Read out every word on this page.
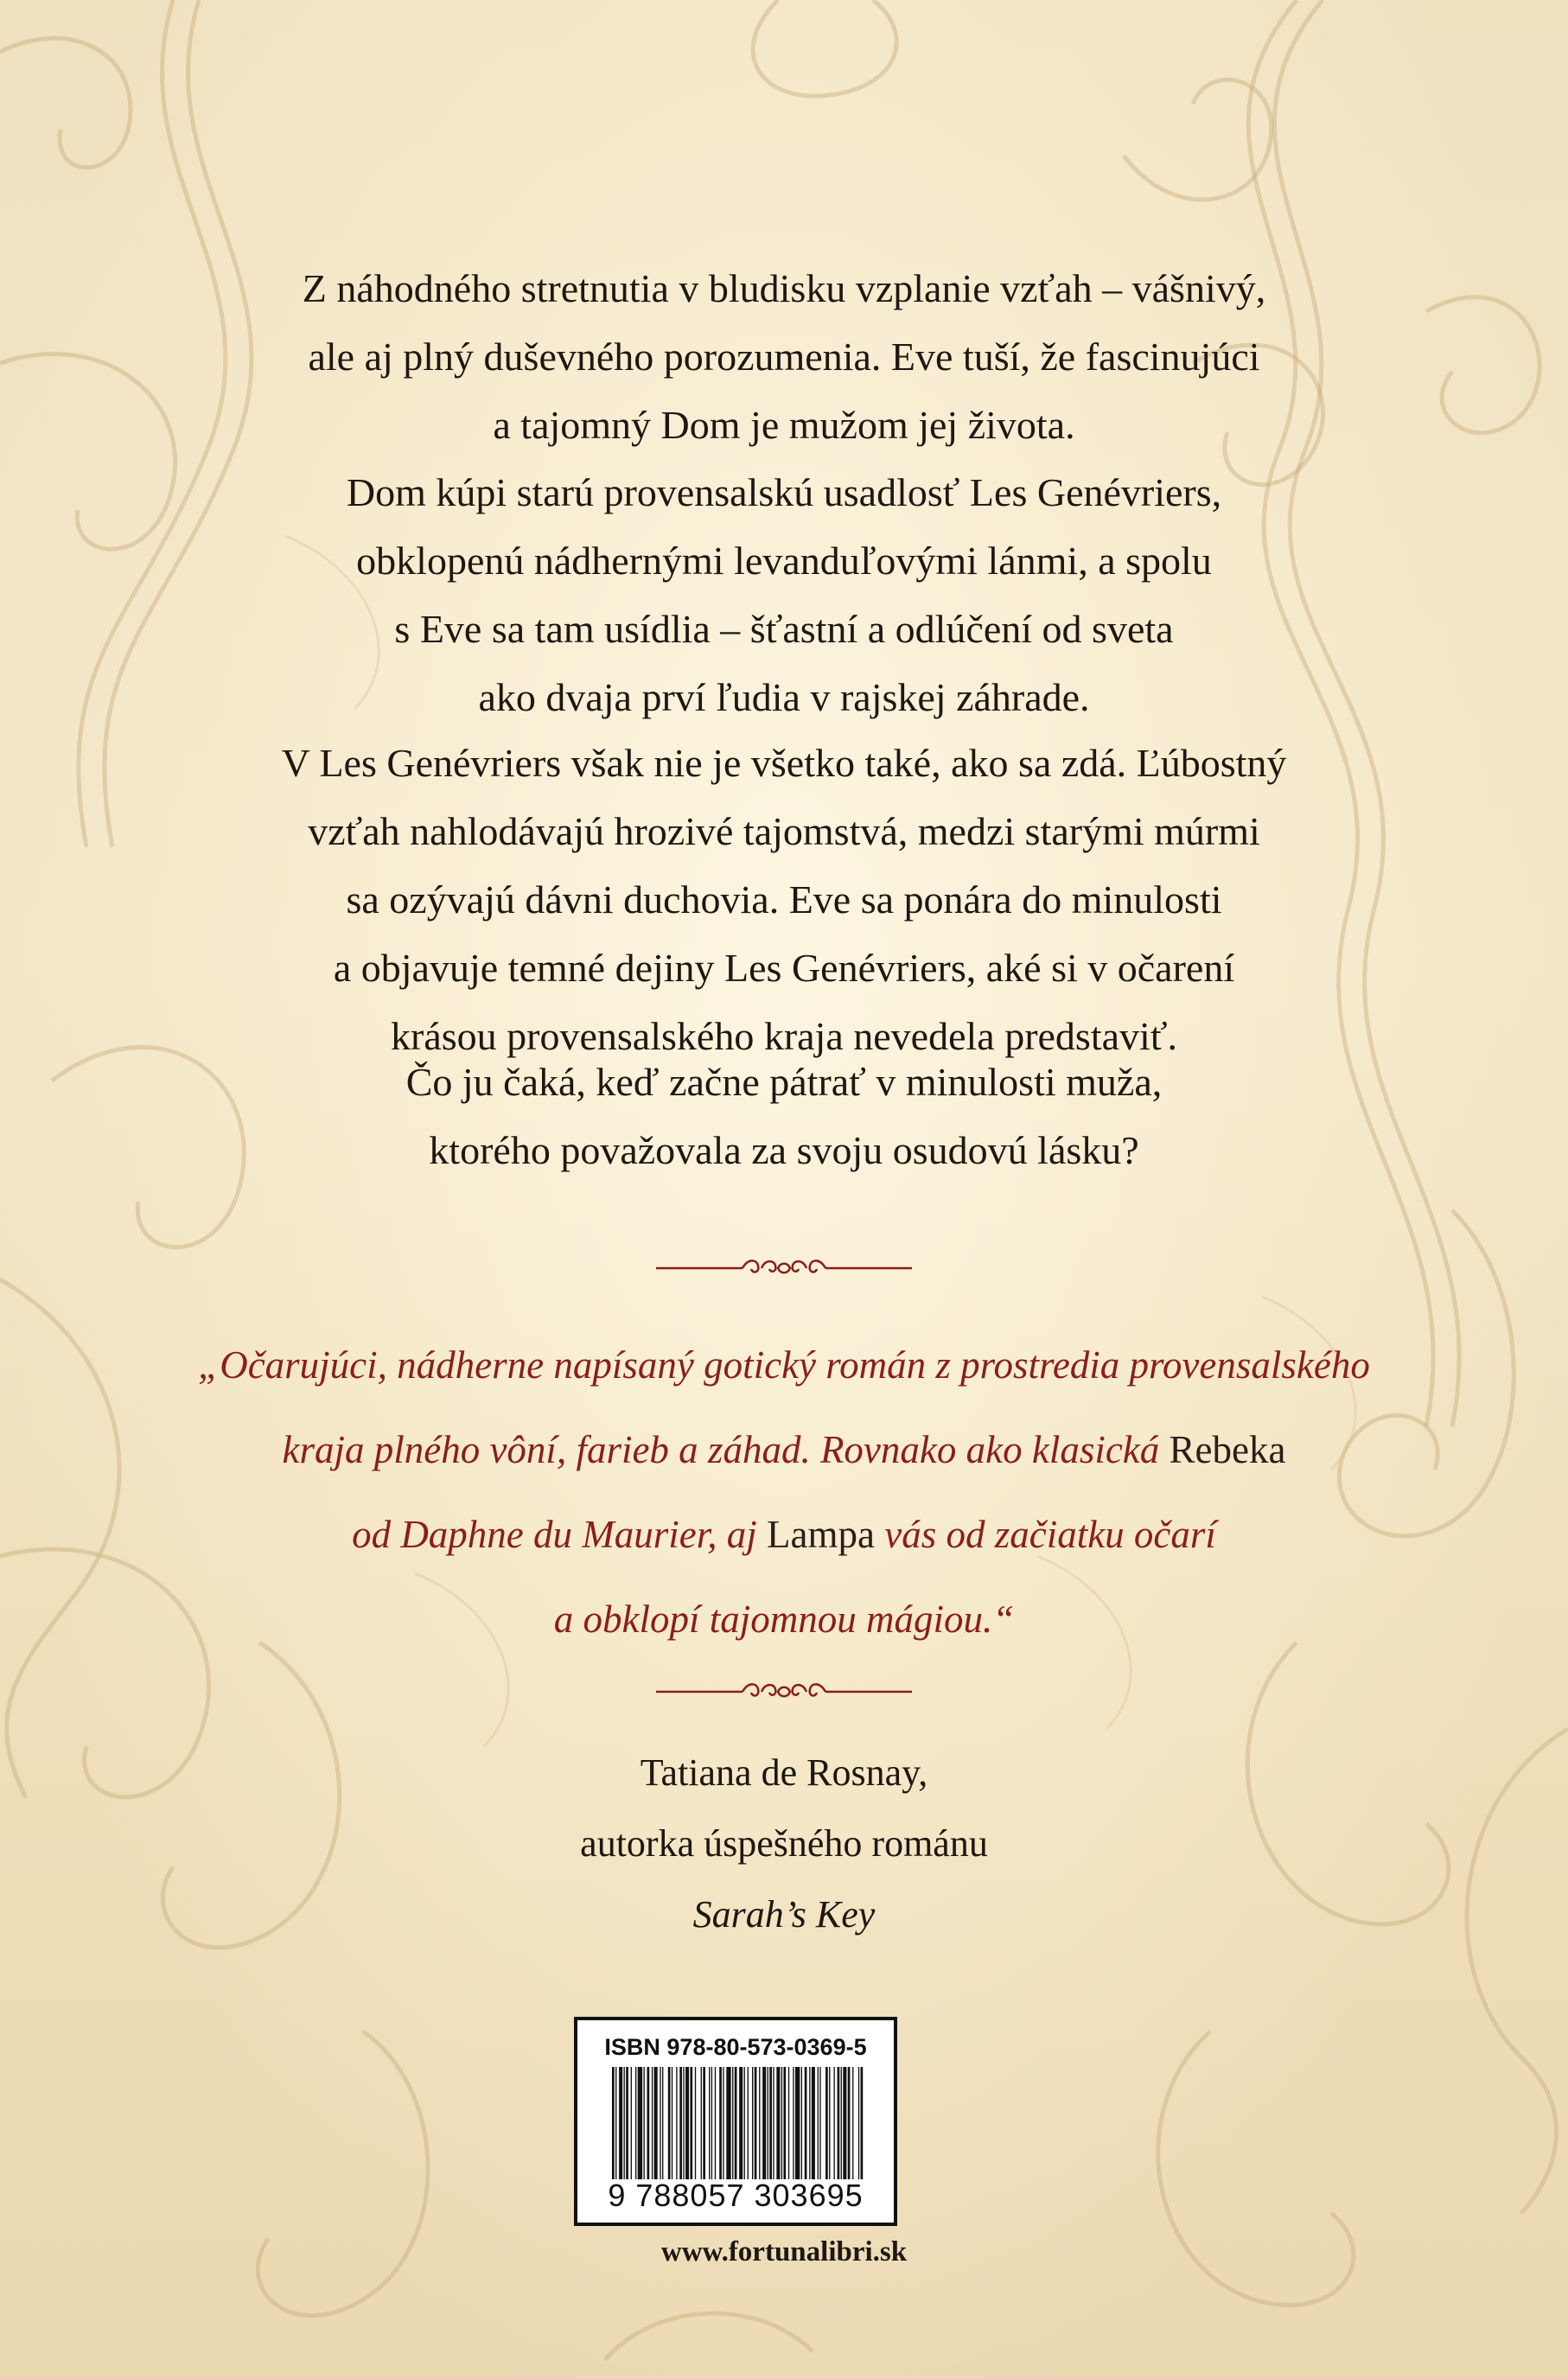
Z náhodného stretnutia v bludisku vzplanie vzťah – vášnivý,
ale aj plný duševného porozumenia. Eve tuší, že fascinujúci
a tajomný Dom je mužom jej života.

Dom kúpi starú provensalskú usadlosť Les Genévriers,
obklopenú nádhernými levanduľovými lánmi, a spolu
s Eve sa tam usídlia – šťastní a odlúčení od sveta
ako dvaja prví ľudia v rajskej záhrade.

V Les Genévriers však nie je všetko také, ako sa zdá. Ľúbostný
vzťah nahlodávajú hrozivé tajomstvá, medzi starými múrmi
sa ozývajú dávni duchovia. Eve sa ponára do minulosti
a objavuje temné dejiny Les Genévriers, aké si v očarení
krásou provensalského kraja nevedela predstaviť.

Čo ju čaká, keď začne pátrať v minulosti muža,
ktorého považovala za svoju osudovú lásku?

„Očarujúci, nádherne napísaný gotický román z prostredia provensalského
kraja plného vôní, farieb a záhad. Rovnako ako klasická Rebeka
od Daphne du Maurier, aj Lampa vás od začiatku očarí
a obklopí tajomnou mágiou.“
Tatiana de Rosnay,
autorka úspešného románu
Sarah’s Key
ISBN 978-80-573-0369-5
9 788057 303695
www.fortunalibri.sk
